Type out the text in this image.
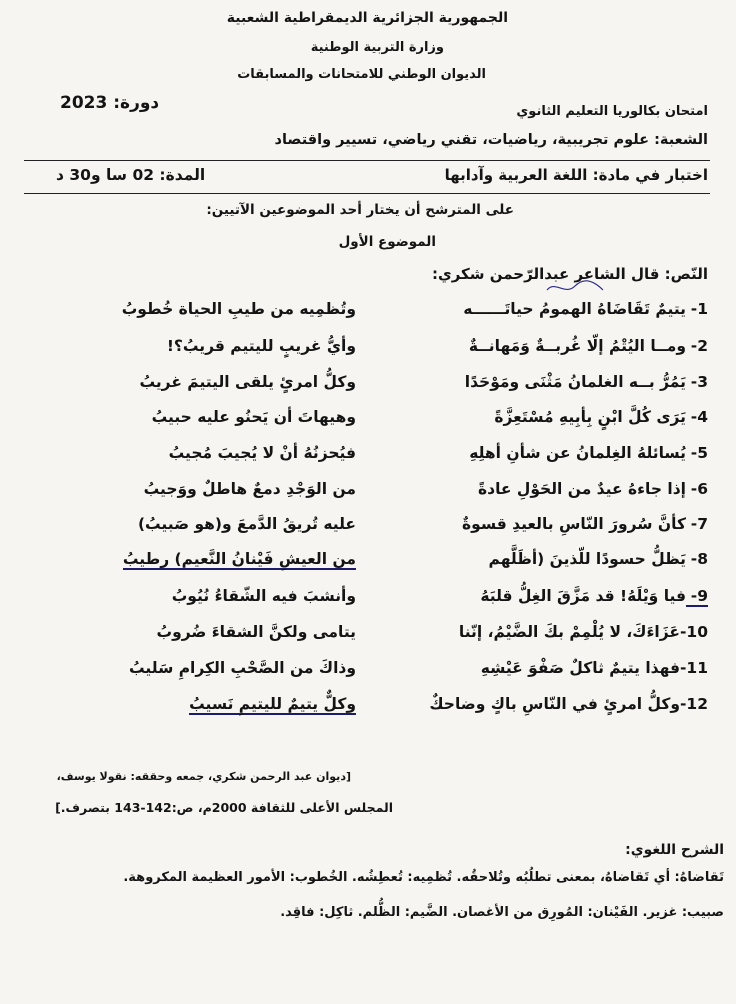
الجمهورية الجزائرية الديمقراطية الشعبية
وزارة التربية الوطنية
الديوان الوطني للامتحانات والمسابقات
دورة: 2023	امتحان بكالوريا التعليم الثانوي
الشعبة: علوم تجريبية، رياضيات، تقني رياضي، تسيير واقتصاد
اختبار في مادة: اللغة العربية وآدابها
المدة: 02 سا و30 د
على المترشح أن يختار أحد الموضوعين الآتيين:
الموضوع الأول
النّص: قال الشاعر عبدالرّحمن شكري:
1-يتيمٌ تَقَاضَاهُ الهمومُ حياتَــــــه
وتُظمِيه من طيبِ الحياة خُطوبُ
2-ومــا اليُتْمُ إلّا غُربــةٌ وَمَهانــةٌ
وأيُّ غريبٍ لليتيم قريبُ؟!
3-يَمُرُّ بــه الغلمانُ مَثْنَى ومَوْحَدًا
وكلُّ امرئٍ يلقى اليتيمَ غريبُ
4-يَرَى كُلَّ ابْنٍ بِأبِيهِ مُسْتَعِزَّةً
وهيهاتَ أن يَحنُو عليه حبيبُ
5-يُسائلهُ الغِلمانُ عن شأنِ أهلِهِ
فيُحزنُهُ أنْ لا يُجيبَ مُجيبُ
6-إذا جاءهُ عيدٌ من الحَوْلِ عادةً
من الوَجْدِ دمعٌ هاطلٌ ووَجيبُ
7-كأنَّ سُرورَ النّاسِ بالعيدِ قسوةٌ
عليه تُريقُ الدَّمعَ و(هو صَبيبُ)
8-يَظلُّ حسودًا للّذينَ (أظَلَّهم
من العيشِ فَيْنانُ النَّعيم) رطيبُ
9-فيا وَيْلَهُ! قد مَزَّقَ الغِلُّ قلبَهُ
وأنشبَ فيه الشّقاءُ نُيُوبُ
10-عَزَاءَكَ، لا يُلْمِمْ بكَ الضَّيْمُ، إنّنا
يتامى ولكنَّ الشقاءَ ضُروبُ
11-فهذا يتيمٌ ثاكلٌ صَفْوَ عَيْشِهِ
وذاكَ من الصَّحْبِ الكِرامِ سَليبُ
12-وكلُّ امرئٍ في النّاسِ باكٍ وضاحكٌ
وكلٌّ يتيمٌ لليتيمِ نَسيبُ
[ديوان عبد الرحمن شكري، جمعه وحققه: نقولا يوسف،
المجلس الأعلى للثقافة 2000م، ص:142-143 بتصرف.]
الشرح اللغوي:
تَقاضاهُ: أي تَقاضاهُ، بمعنى تطلُبُه وتُلاحقُه. تُظمِيه: تُعطِشُه. الخُطوب: الأمور العظيمة المكروهة.
صبيب: غزير. الفَيْنان: المُورِق من الأغصان. الضَّيم: الظُّلم. ثاكِل: فاقِد.
